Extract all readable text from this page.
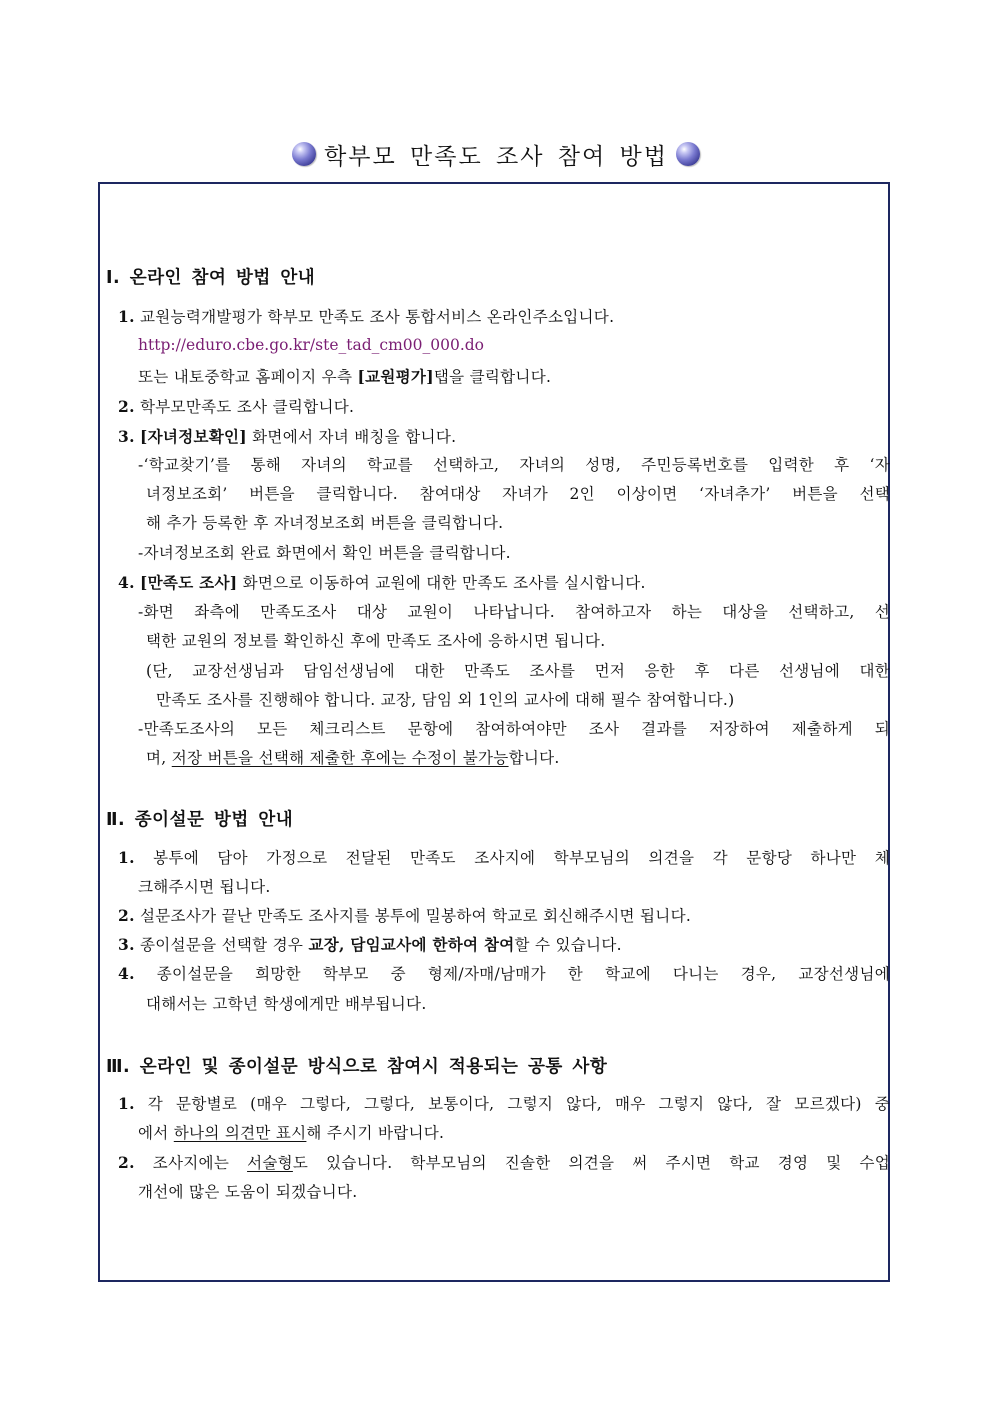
학부모 만족도 조사 참여 방법
Ⅰ. 온라인 참여 방법 안내
1. 교원능력개발평가 학부모 만족도 조사 통합서비스 온라인주소입니다.
http://eduro.cbe.go.kr/ste_tad_cm00_000.do
또는 내토중학교 홈페이지 우측 [교원평가]탭을 클릭합니다.
2. 학부모만족도 조사 클릭합니다.
3. [자녀정보확인] 화면에서 자녀 배칭을 합니다.
-‘학교찾기’를 통해 자녀의 학교를 선택하고, 자녀의 성명, 주민등록번호를 입력한 후 ‘자
녀정보조회’ 버튼을 클릭합니다. 참여대상 자녀가 2인 이상이면 ‘자녀추가’ 버튼을 선택
해 추가 등록한 후 자녀정보조회 버튼을 클릭합니다.
-자녀정보조회 완료 화면에서 확인 버튼을 클릭합니다.
4. [만족도 조사] 화면으로 이동하여 교원에 대한 만족도 조사를 실시합니다.
-화면 좌측에 만족도조사 대상 교원이 나타납니다. 참여하고자 하는 대상을 선택하고, 선
택한 교원의 정보를 확인하신 후에 만족도 조사에 응하시면 됩니다.
(단, 교장선생님과 담임선생님에 대한 만족도 조사를 먼저 응한 후 다른 선생님에 대한
만족도 조사를 진행해야 합니다. 교장, 담임 외 1인의 교사에 대해 필수 참여합니다.)
-만족도조사의 모든 체크리스트 문항에 참여하여야만 조사 결과를 저장하여 제출하게 되
며, 저장 버튼을 선택해 제출한 후에는 수정이 불가능합니다.
Ⅱ. 종이설문 방법 안내
1. 봉투에 담아 가정으로 전달된 만족도 조사지에 학부모님의 의견을 각 문항당 하나만 체
크해주시면 됩니다.
2. 설문조사가 끝난 만족도 조사지를 봉투에 밀봉하여 학교로 회신해주시면 됩니다.
3. 종이설문을 선택할 경우 교장, 담임교사에 한하여 참여할 수 있습니다.
4. 종이설문을 희망한 학부모 중 형제/자매/남매가 한 학교에 다니는 경우, 교장선생님에
대해서는 고학년 학생에게만 배부됩니다.
Ⅲ. 온라인 및 종이설문 방식으로 참여시 적용되는 공통 사항
1. 각 문항별로 (매우 그렇다, 그렇다, 보통이다, 그렇지 않다, 매우 그렇지 않다, 잘 모르겠다) 중
에서 하나의 의견만 표시해 주시기 바랍니다.
2. 조사지에는 서술형도 있습니다. 학부모님의 진솔한 의견을 써 주시면 학교 경영 및 수업
개선에 많은 도움이 되겠습니다.
